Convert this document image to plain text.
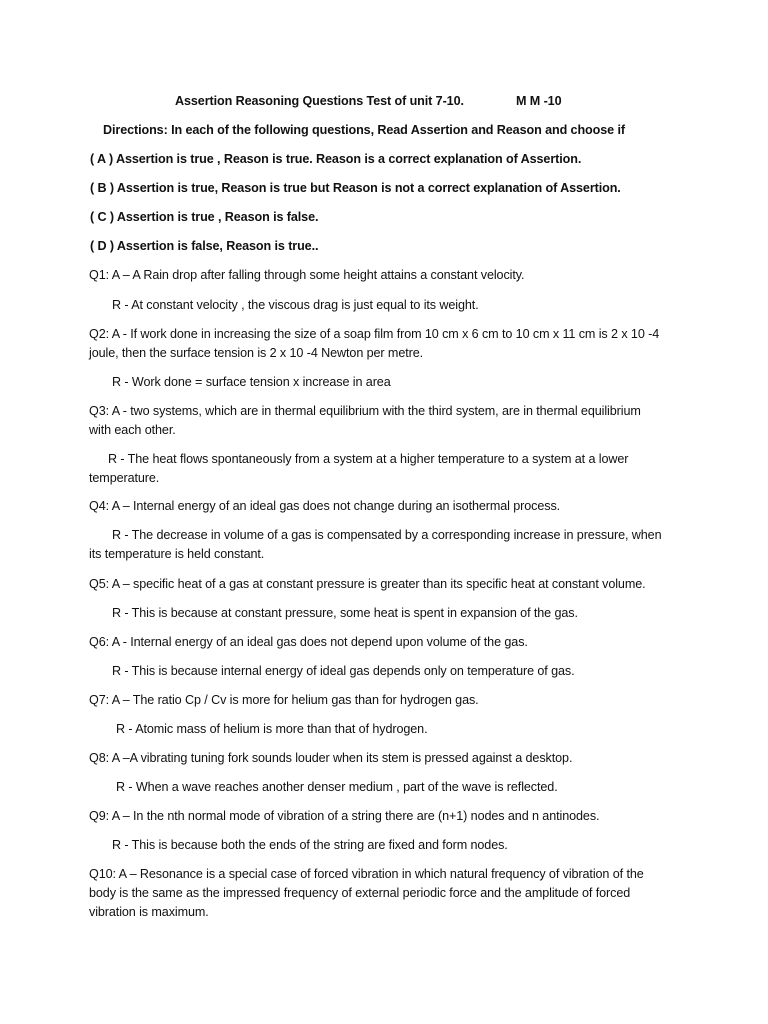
Assertion Reasoning Questions Test of unit 7-10.	M M -10
Directions: In each of the following questions, Read Assertion and Reason and choose if
( A ) Assertion is true , Reason is true. Reason is a correct explanation of Assertion.
( B ) Assertion is true, Reason is true but Reason is not a correct explanation of Assertion.
( C ) Assertion is true , Reason is false.
( D ) Assertion is false, Reason is true..
Q1: A – A Rain drop after falling through some height attains a constant velocity.
R - At constant velocity , the viscous drag is just equal to its weight.
Q2: A - If work done in increasing the size of a soap film from 10 cm x 6 cm to 10 cm x 11 cm is 2 x 10 -4
joule, then the surface tension is 2 x 10 -4 Newton per metre.
R - Work done = surface tension x increase in area
Q3: A - two systems, which are in thermal equilibrium with the third system, are in thermal equilibrium
with each other.
R - The heat flows spontaneously from a system at a higher temperature to a system at a lower
temperature.
Q4: A – Internal energy of an ideal gas does not change during an isothermal process.
R - The decrease in volume of a gas is compensated by a corresponding increase in pressure, when
its temperature is held constant.
Q5: A – specific heat of a gas at constant pressure is greater than its specific heat at constant volume.
R - This is because at constant pressure, some heat is spent in expansion of the gas.
Q6: A - Internal energy of an ideal gas does not depend upon volume of the gas.
R - This is because internal energy of ideal gas depends only on temperature of gas.
Q7: A – The ratio Cp / Cv is more for helium gas than for hydrogen gas.
R - Atomic mass of helium is more than that of hydrogen.
Q8: A –A vibrating tuning fork sounds louder when its stem is pressed against a desktop.
R - When a wave reaches another denser medium , part of the wave is reflected.
Q9: A – In the nth normal mode of vibration of a string there are (n+1) nodes and n antinodes.
R - This is because both the ends of the string are fixed and form nodes.
Q10: A – Resonance is a special case of forced vibration in which natural frequency of vibration of the
body is the same as the impressed frequency of external periodic force and the amplitude of forced
vibration is maximum.
